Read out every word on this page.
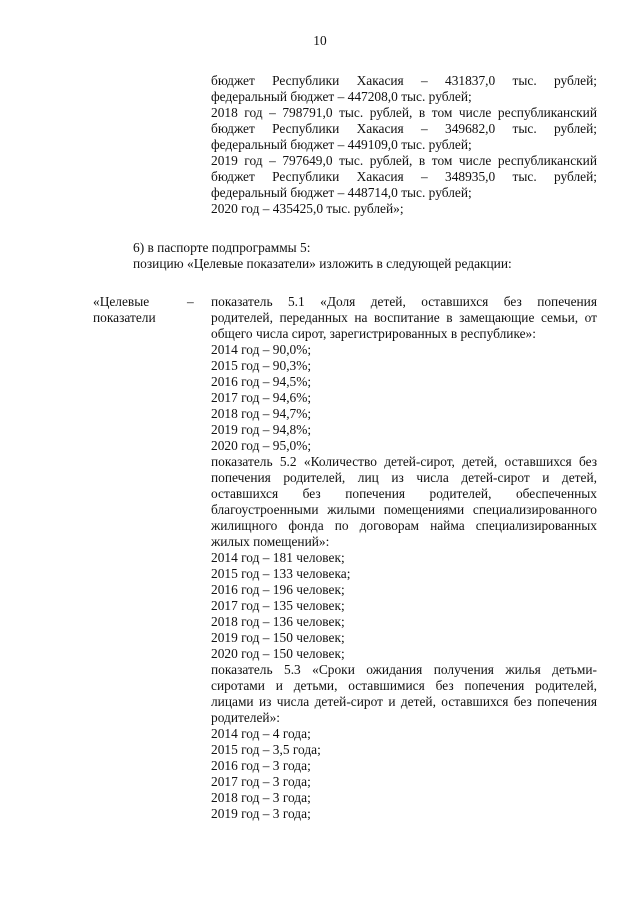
10
бюджет Республики Хакасия – 431837,0 тыс. рублей;
федеральный бюджет – 447208,0 тыс. рублей;
2018 год – 798791,0 тыс. рублей, в том числе республиканский
бюджет Республики Хакасия – 349682,0 тыс. рублей;
федеральный бюджет – 449109,0 тыс. рублей;
2019 год – 797649,0 тыс. рублей, в том числе республиканский
бюджет Республики Хакасия – 348935,0 тыс. рублей;
федеральный бюджет – 448714,0 тыс. рублей;
2020 год – 435425,0 тыс. рублей»;
6) в паспорте подпрограммы 5:
позицию «Целевые показатели» изложить в следующей редакции:
«Целевые
показатели
– показатель 5.1 «Доля детей, оставшихся без попечения
родителей, переданных на воспитание в замещающие семьи, от
общего числа сирот, зарегистрированных в республике»:
2014 год – 90,0%;
2015 год – 90,3%;
2016 год – 94,5%;
2017 год – 94,6%;
2018 год – 94,7%;
2019 год – 94,8%;
2020 год – 95,0%;
показатель 5.2 «Количество детей-сирот, детей, оставшихся без
попечения родителей, лиц из числа детей-сирот и детей,
оставшихся без попечения родителей, обеспеченных
благоустроенными жилыми помещениями специализированного
жилищного фонда по договорам найма специализированных
жилых помещений»:
2014 год – 181 человек;
2015 год – 133 человека;
2016 год – 196 человек;
2017 год – 135 человек;
2018 год – 136 человек;
2019 год – 150 человек;
2020 год – 150 человек;
показатель 5.3 «Сроки ожидания получения жилья детьми-
сиротами и детьми, оставшимися без попечения родителей,
лицами из числа детей-сирот и детей, оставшихся без попечения
родителей»:
2014 год – 4 года;
2015 год – 3,5 года;
2016 год – 3 года;
2017 год – 3 года;
2018 год – 3 года;
2019 год – 3 года;
